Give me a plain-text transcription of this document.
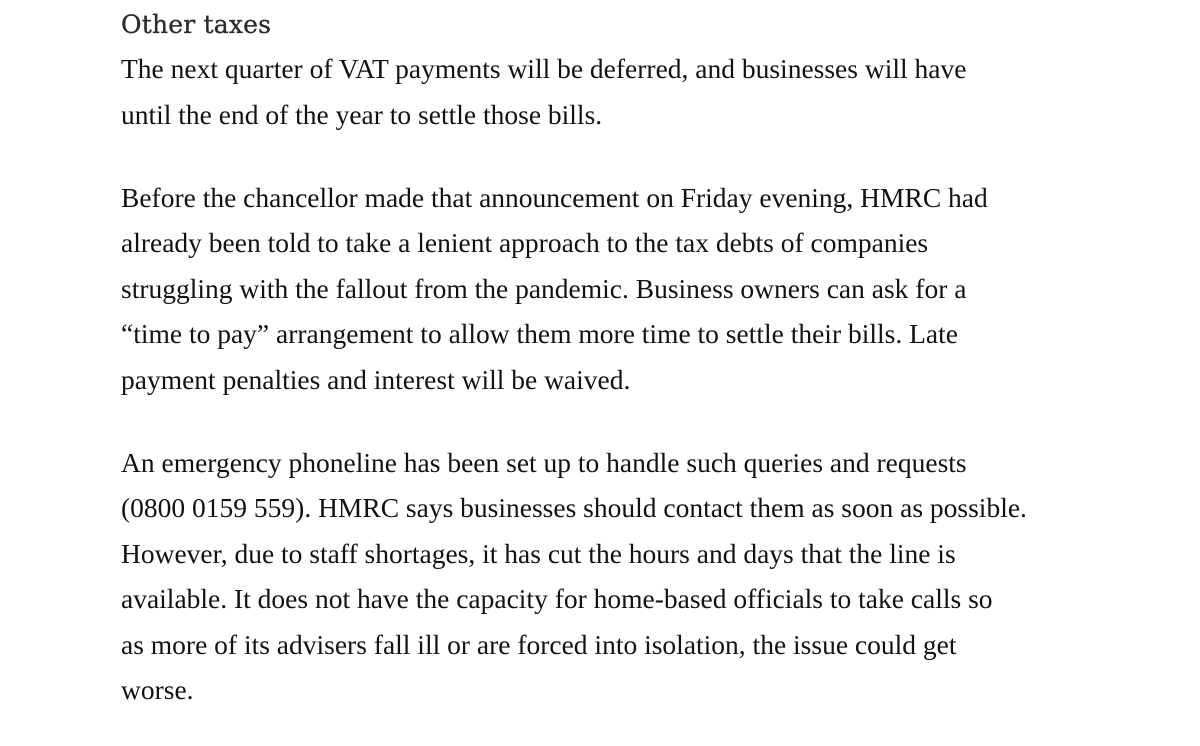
Other taxes

The next quarter of VAT payments will be deferred, and businesses will have
until the end of the year to settle those bills.

Before the chancellor made that announcement on Friday evening, HMRC had
already been told to take a lenient approach to the tax debts of companies
struggling with the fallout from the pandemic. Business owners can ask for a
“time to pay” arrangement to allow them more time to settle their bills. Late
payment penalties and interest will be waived.

An emergency phoneline has been set up to handle such queries and requests
(0800 0159 559). HMRC says businesses should contact them as soon as possible.
However, due to staff shortages, it has cut the hours and days that the line is
available. It does not have the capacity for home-based officials to take calls so
as more of its advisers fall ill or are forced into isolation, the issue could get
worse.
